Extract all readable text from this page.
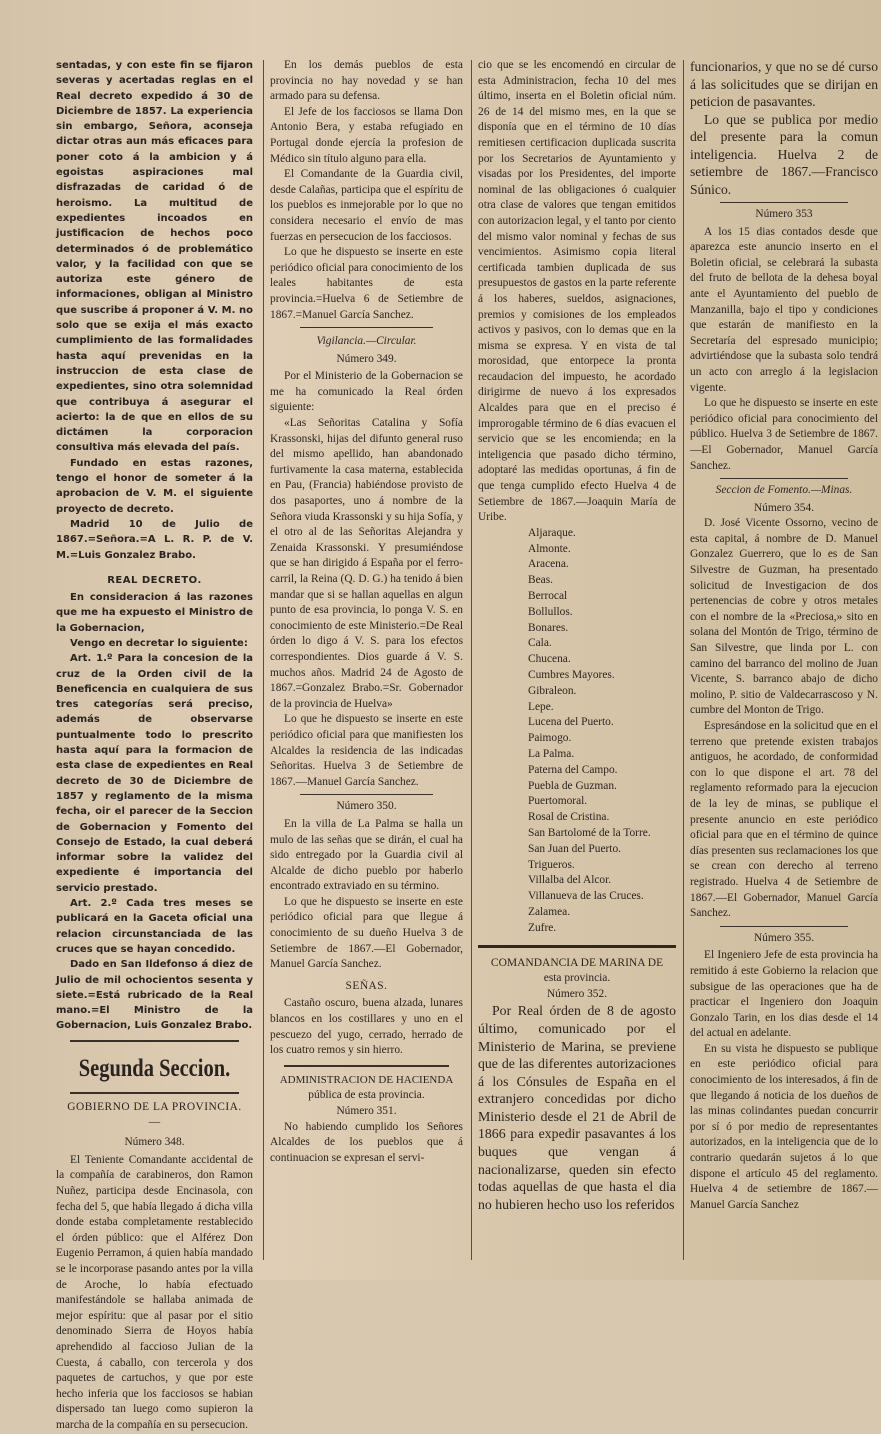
sentadas, y con este fin se fijaron severas y acertadas reglas en el Real decreto expedido á 30 de Diciembre de 1857. La experiencia sin embargo, Señora, aconseja dictar otras aun más eficaces para poner coto á la ambicion y á egoistas aspiraciones mal disfrazadas de caridad ó de heroismo. La multitud de expedientes incoados en justificacion de hechos poco determinados ó de problemático valor, y la facilidad con que se autoriza este género de informaciones, obligan al Ministro que suscribe á proponer á V. M. no solo que se exija el más exacto cumplimiento de las formalidades hasta aquí prevenidas en la instruccion de esta clase de expedientes, sino otra solemnidad que contribuya á asegurar el acierto: la de que en ellos de su dictámen la corporacion consultiva más elevada del país.

Fundado en estas razones, tengo el honor de someter á la aprobacion de V. M. el siguiente proyecto de decreto.

Madrid 10 de Julio de 1867.=Señora.=A L. R. P. de V. M.=Luis Gonzalez Brabo.

REAL DECRETO.

En consideracion á las razones que me ha expuesto el Ministro de la Gobernacion,

Vengo en decretar lo siguiente:

Art. 1.º Para la concesion de la cruz de la Orden civil de la Beneficencia en cualquiera de sus tres categorías será preciso, además de observarse puntualmente todo lo prescrito hasta aquí para la formacion de esta clase de expedientes en Real decreto de 30 de Diciembre de 1857 y reglamento de la misma fecha, oir el parecer de la Seccion de Gobernacion y Fomento del Consejo de Estado, la cual deberá informar sobre la validez del expediente é importancia del servicio prestado.

Art. 2.º Cada tres meses se publicará en la Gaceta oficial una relacion circunstanciada de las cruces que se hayan concedido.

Dado en San Ildefonso á diez de Julio de mil ochocientos sesenta y siete.=Está rubricado de la Real mano.=El Ministro de la Gobernacion, Luis Gonzalez Brabo.

Segunda Seccion.

GOBIERNO DE LA PROVINCIA.

—

Número 348.

El Teniente Comandante accidental de la compañía de carabineros, don Ramon Nuñez, participa desde Encinasola, con fecha del 5, que había llegado á dicha villa donde estaba completamente restablecido el órden público: que el Alférez Don Eugenio Perramon, á quien había mandado se le incorporase pasando antes por la villa de Aroche, lo había efectuado manifestándole se hallaba animada de mejor espíritu: que al pasar por el sitio denominado Sierra de Hoyos había aprehendido al faccioso Julian de la Cuesta, á caballo, con tercerola y dos paquetes de cartuchos, y que por este hecho inferia que los facciosos se habian dispersado tan luego como supieron la marcha de la compañía en su persecucion.

En los demás pueblos de esta provincia no hay novedad y se han armado para su defensa.

El Jefe de los facciosos se llama Don Antonio Bera, y estaba refugiado en Portugal donde ejercía la profesion de Médico sin título alguno para ella.

El Comandante de la Guardia civil, desde Calañas, participa que el espíritu de los pueblos es inmejorable por lo que no considera necesario el envío de mas fuerzas en persecucion de los facciosos.

Lo que he dispuesto se inserte en este periódico oficial para conocimiento de los leales habitantes de esta provincia.=Huelva 6 de Setiembre de 1867.=Manuel García Sanchez.

Vigilancia.—Circular.

Número 349.

Por el Ministerio de la Gobernacion se me ha comunicado la Real órden siguiente:

«Las Señoritas Catalina y Sofía Krassonski, hijas del difunto general ruso del mismo apellido, han abandonado furtivamente la casa materna, establecida en Pau, (Francia) habiéndose provisto de dos pasaportes, uno á nombre de la Señora viuda Krassonski y su hija Sofía, y el otro al de las Señoritas Alejandra y Zenaida Krassonski. Y presumiéndose que se han dirigido á España por el ferro-carril, la Reina (Q. D. G.) ha tenido á bien mandar que si se hallan aquellas en algun punto de esa provincia, lo ponga V. S. en conocimiento de este Ministerio.=De Real órden lo digo á V. S. para los efectos correspondientes. Dios guarde á V. S. muchos años. Madrid 24 de Agosto de 1867.=Gonzalez Brabo.=Sr. Gobernador de la provincia de Huelva»

Lo que he dispuesto se inserte en este periódico oficial para que manifiesten los Alcaldes la residencia de las indicadas Señoritas. Huelva 3 de Setiembre de 1867.—Manuel García Sanchez.

Número 350.

En la villa de La Palma se halla un mulo de las señas que se dirán, el cual ha sido entregado por la Guardia civil al Alcalde de dicho pueblo por haberlo encontrado extraviado en su término.

Lo que he dispuesto se inserte en este periódico oficial para que llegue á conocimiento de su dueño Huelva 3 de Setiembre de 1867.—El Gobernador, Manuel García Sanchez.

SEÑAS.

Castaño oscuro, buena alzada, lunares blancos en los costillares y uno en el pescuezo del yugo, cerrado, herrado de los cuatro remos y sin hierro.

ADMINISTRACION DE HACIENDA

pública de esta provincia.

Número 351.

No habiendo cumplido los Señores Alcaldes de los pueblos que á continuacion se expresan el servi-

cio que se les encomendó en circular de esta Administracion, fecha 10 del mes último, inserta en el Boletin oficial núm. 26 de 14 del mismo mes, en la que se disponía que en el término de 10 días remitiesen certificacion duplicada suscrita por los Secretarios de Ayuntamiento y visadas por los Presidentes, del importe nominal de las obligaciones ó cualquier otra clase de valores que tengan emitidos con autorizacion legal, y el tanto por ciento del mismo valor nominal y fechas de sus vencimientos. Asimismo copia literal certificada tambien duplicada de sus presupuestos de gastos en la parte referente á los haberes, sueldos, asignaciones, premios y comisiones de los empleados activos y pasivos, con lo demas que en la misma se expresa. Y en vista de tal morosidad, que entorpece la pronta recaudacion del impuesto, he acordado dirigirme de nuevo á los expresados Alcaldes para que en el preciso é improrogable término de 6 días evacuen el servicio que se les encomienda; en la inteligencia que pasado dicho término, adoptaré las medidas oportunas, á fin de que tenga cumplido efecto Huelva 4 de Setiembre de 1867.—Joaquin María de Uribe.

Aljaraque.
Almonte.
Aracena.
Beas.
Berrocal
Bollullos.
Bonares.
Cala.
Chucena.
Cumbres Mayores.
Gibraleon.
Lepe.
Lucena del Puerto.
Paimogo.
La Palma.
Paterna del Campo.
Puebla de Guzman.
Puertomoral.
Rosal de Cristina.
San Bartolomé de la Torre.
San Juan del Puerto.
Trigueros.
Villalba del Alcor.
Villanueva de las Cruces.
Zalamea.
Zufre.

COMANDANCIA DE MARINA DE

esta provincia.

Número 352.

Por Real órden de 8 de agosto último, comunicado por el Ministerio de Marina, se previene que de las diferentes autorizaciones á los Cónsules de España en el extranjero concedidas por dicho Ministerio desde el 21 de Abril de 1866 para expedir pasavantes á los buques que vengan á nacionalizarse, queden sin efecto todas aquellas de que hasta el dia no hubieren hecho uso los referidos

funcionarios, y que no se dé curso á las solicitudes que se dirijan en peticion de pasavantes.

Lo que se publica por medio del presente para la comun inteligencia. Huelva 2 de setiembre de 1867.—Francisco Súnico.

Número 353

A los 15 dias contados desde que aparezca este anuncio inserto en el Boletin oficial, se celebrará la subasta del fruto de bellota de la dehesa boyal ante el Ayuntamiento del pueblo de Manzanilla, bajo el tipo y condiciones que estarán de manifiesto en la Secretaría del espresado municipio; advirtiéndose que la subasta solo tendrá un acto con arreglo á la legislacion vigente.

Lo que he dispuesto se inserte en este periódico oficial para conocimiento del público. Huelva 3 de Setiembre de 1867.—El Gobernador, Manuel García Sanchez.

Seccion de Fomento.—Minas.

Número 354.

D. José Vicente Ossorno, vecino de esta capital, á nombre de D. Manuel Gonzalez Guerrero, que lo es de San Silvestre de Guzman, ha presentado solicitud de Investigacion de dos pertenencias de cobre y otros metales con el nombre de la «Preciosa,» sito en solana del Montón de Trigo, término de San Silvestre, que linda por L. con camino del barranco del molino de Juan Vicente, S. barranco abajo de dicho molino, P. sitio de Valdecarrascoso y N. cumbre del Monton de Trigo.

Espresándose en la solicitud que en el terreno que pretende existen trabajos antiguos, he acordado, de conformidad con lo que dispone el art. 78 del reglamento reformado para la ejecucion de la ley de minas, se publique el presente anuncio en este periódico oficial para que en el término de quince días presenten sus reclamaciones los que se crean con derecho al terreno registrado. Huelva 4 de Setiembre de 1867.—El Gobernador, Manuel García Sanchez.

Número 355.

El Ingeniero Jefe de esta provincia ha remitido á este Gobierno la relacion que subsigue de las operaciones que ha de practicar el Ingeniero don Joaquin Gonzalo Tarin, en los dias desde el 14 del actual en adelante.

En su vista he dispuesto se publique en este periódico oficial para conocimiento de los interesados, á fin de que llegando á noticia de los dueños de las minas colindantes puedan concurrir por sí ó por medio de representantes autorizados, en la inteligencia que de lo contrario quedarán sujetos á lo que dispone el artículo 45 del reglamento. Huelva 4 de setiembre de 1867.—Manuel García Sanchez
